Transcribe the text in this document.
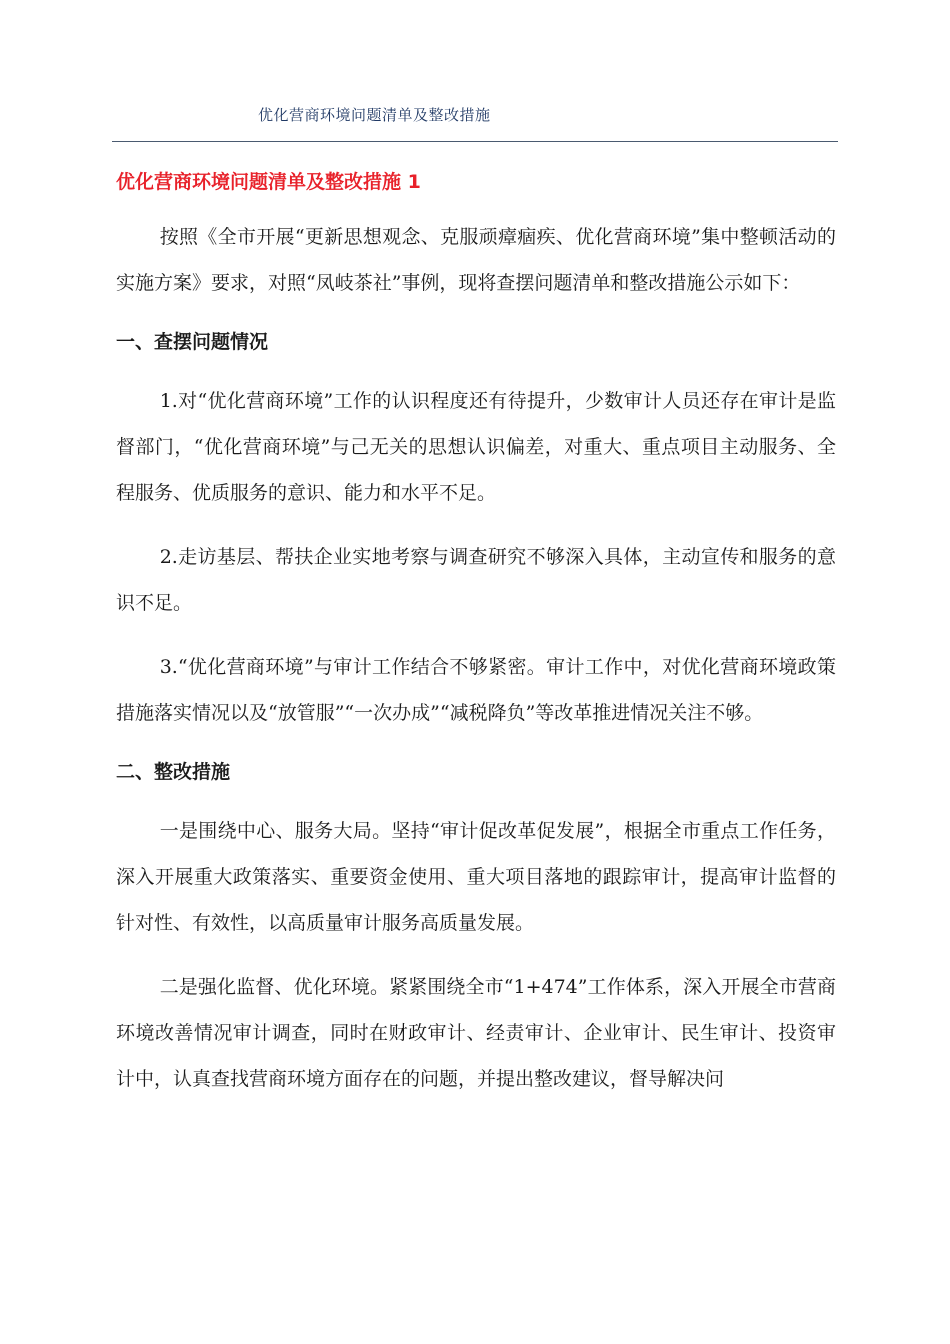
优化营商环境问题清单及整改措施
优化营商环境问题清单及整改措施 1

按照《全市开展“更新思想观念、克服顽瘴痼疾、优化营商环境”集中整顿活动的实施方案》要求，对照“凤岐茶社”事例，现将查摆问题清单和整改措施公示如下：

一、查摆问题情况

1.对“优化营商环境”工作的认识程度还有待提升，少数审计人员还存在审计是监督部门，“优化营商环境”与己无关的思想认识偏差，对重大、重点项目主动服务、全程服务、优质服务的意识、能力和水平不足。

2.走访基层、帮扶企业实地考察与调查研究不够深入具体，主动宣传和服务的意识不足。

3.“优化营商环境”与审计工作结合不够紧密。审计工作中，对优化营商环境政策措施落实情况以及“放管服”“一次办成”“减税降负”等改革推进情况关注不够。

二、整改措施

一是围绕中心、服务大局。坚持“审计促改革促发展”，根据全市重点工作任务，深入开展重大政策落实、重要资金使用、重大项目落地的跟踪审计，提高审计监督的针对性、有效性，以高质量审计服务高质量发展。

二是强化监督、优化环境。紧紧围绕全市“1+474”工作体系，深入开展全市营商环境改善情况审计调查，同时在财政审计、经责审计、企业审计、民生审计、投资审计中，认真查找营商环境方面存在的问题，并提出整改建议，督导解决问
